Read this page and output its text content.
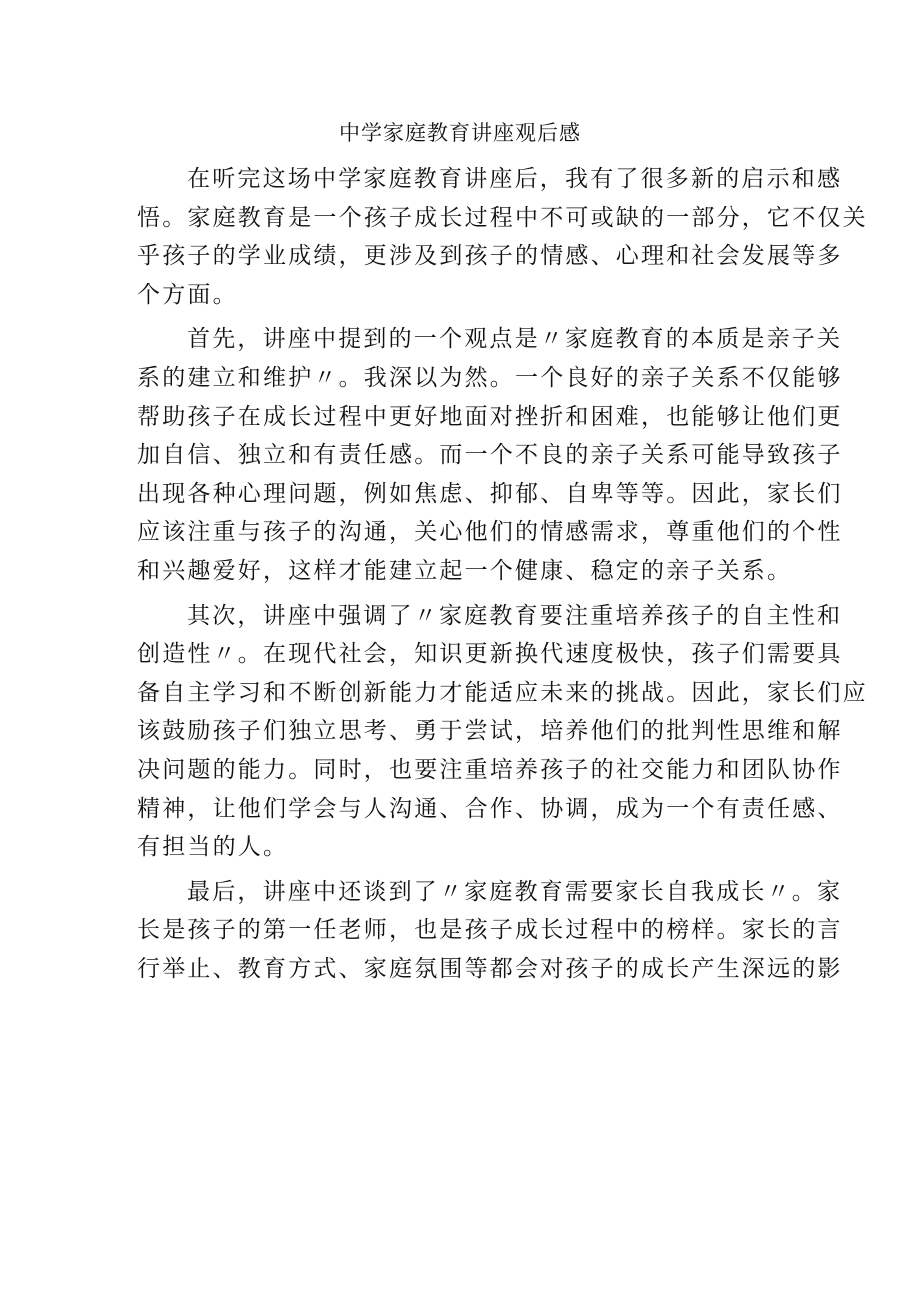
中学家庭教育讲座观后感

在听完这场中学家庭教育讲座后，我有了很多新的启示和感
悟。家庭教育是一个孩子成长过程中不可或缺的一部分，它不仅关
乎孩子的学业成绩，更涉及到孩子的情感、心理和社会发展等多
个方面。

首先，讲座中提到的一个观点是〃家庭教育的本质是亲子关
系的建立和维护〃。我深以为然。一个良好的亲子关系不仅能够
帮助孩子在成长过程中更好地面对挫折和困难，也能够让他们更
加自信、独立和有责任感。而一个不良的亲子关系可能导致孩子
出现各种心理问题，例如焦虑、抑郁、自卑等等。因此，家长们
应该注重与孩子的沟通，关心他们的情感需求，尊重他们的个性
和兴趣爱好，这样才能建立起一个健康、稳定的亲子关系。

其次，讲座中强调了〃家庭教育要注重培养孩子的自主性和
创造性〃。在现代社会，知识更新换代速度极快，孩子们需要具
备自主学习和不断创新能力才能适应未来的挑战。因此，家长们应
该鼓励孩子们独立思考、勇于尝试，培养他们的批判性思维和解
决问题的能力。同时，也要注重培养孩子的社交能力和团队协作
精神，让他们学会与人沟通、合作、协调，成为一个有责任感、
有担当的人。

最后，讲座中还谈到了〃家庭教育需要家长自我成长〃。家
长是孩子的第一任老师，也是孩子成长过程中的榜样。家长的言
行举止、教育方式、家庭氛围等都会对孩子的成长产生深远的影
